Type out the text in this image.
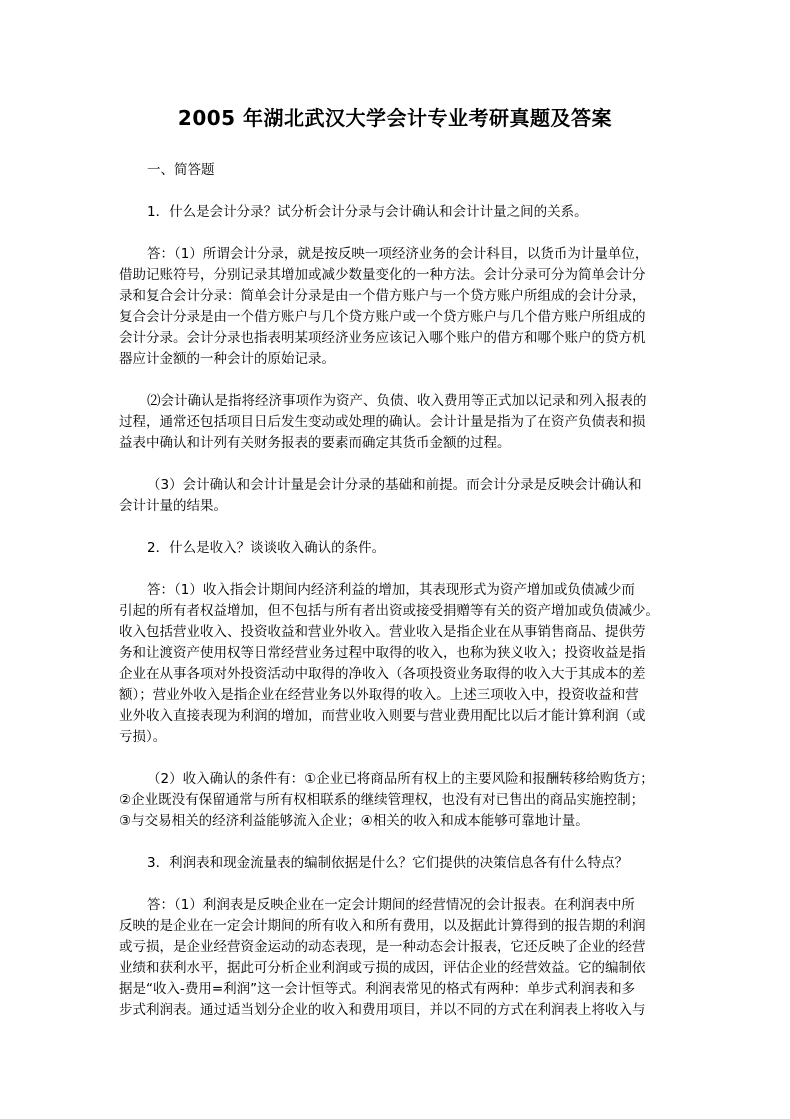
2005 年湖北武汉大学会计专业考研真题及答案
一、简答题
1．什么是会计分录？试分析会计分录与会计确认和会计计量之间的关系。
答：（1）所谓会计分录，就是按反映一项经济业务的会计科目，以货币为计量单位，
借助记账符号，分别记录其增加或减少数量变化的一种方法。会计分录可分为简单会计分
录和复合会计分录：简单会计分录是由一个借方账户与一个贷方账户所组成的会计分录，
复合会计分录是由一个借方账户与几个贷方账户或一个贷方账户与几个借方账户所组成的
会计分录。会计分录也指表明某项经济业务应该记入哪个账户的借方和哪个账户的贷方机
器应计金额的一种会计的原始记录。
⑵会计确认是指将经济事项作为资产、负债、收入费用等正式加以记录和列入报表的
过程，通常还包括项目日后发生变动或处理的确认。会计计量是指为了在资产负债表和损
益表中确认和计列有关财务报表的要素而确定其货币金额的过程。
（3）会计确认和会计计量是会计分录的基础和前提。而会计分录是反映会计确认和
会计计量的结果。
2．什么是收入？谈谈收入确认的条件。
答：（1）收入指会计期间内经济利益的增加，其表现形式为资产增加或负债减少而
引起的所有者权益增加，但不包括与所有者出资或接受捐赠等有关的资产增加或负债减少。
收入包括营业收入、投资收益和营业外收入。营业收入是指企业在从事销售商品、提供劳
务和让渡资产使用权等日常经营业务过程中取得的收入，也称为狭义收入；投资收益是指
企业在从事各项对外投资活动中取得的净收入（各项投资业务取得的收入大于其成本的差
额）；营业外收入是指企业在经营业务以外取得的收入。上述三项收入中，投资收益和营
业外收入直接表现为利润的增加，而营业收入则要与营业费用配比以后才能计算利润（或
亏损）。
（2）收入确认的条件有：①企业已将商品所有权上的主要风险和报酬转移给购货方；
②企业既没有保留通常与所有权相联系的继续管理权，也没有对已售出的商品实施控制；
③与交易相关的经济利益能够流入企业；④相关的收入和成本能够可靠地计量。
3．利润表和现金流量表的编制依据是什么？它们提供的决策信息各有什么特点？
答：（1）利润表是反映企业在一定会计期间的经营情况的会计报表。在利润表中所
反映的是企业在一定会计期间的所有收入和所有费用，以及据此计算得到的报告期的利润
或亏损，是企业经营资金运动的动态表现，是一种动态会计报表，它还反映了企业的经营
业绩和获利水平，据此可分析企业利润或亏损的成因，评估企业的经营效益。它的编制依
据是“收入-费用=利润”这一会计恒等式。利润表常见的格式有两种：单步式利润表和多
步式利润表。通过适当划分企业的收入和费用项目，并以不同的方式在利润表上将收入与
